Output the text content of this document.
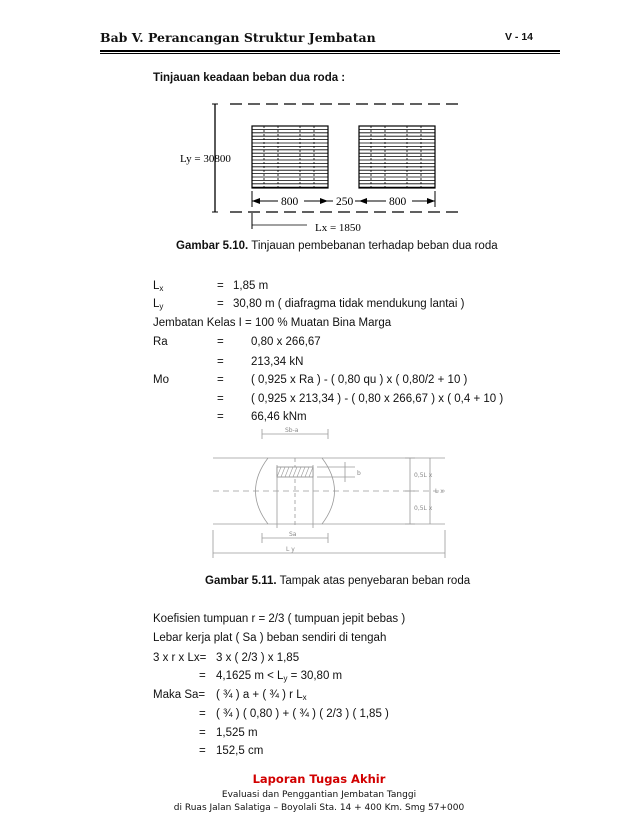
Bab V. Perancangan Struktur Jembatan	V - 14
Tinjauan keadaan beban dua roda :
Ly = 30800
800	250	800
Lx = 1850
Gambar 5.10. Tinjauan pembebanan terhadap beban dua roda
$L_x$	= 1,85 m
$L_y$	= 30,80 m ( diafragma tidak mendukung lantai )
Jembatan Kelas I = 100 % Muatan Bina Marga
Ra	= 0,80 x 266,67
= 213,34 kN
Mo	= ( 0,925 x Ra ) - ( 0,80 qu ) x ( 0,80/2 + 10 )
= ( 0,925 x 213,34 ) - ( 0,80 x 266,67 ) x ( 0,4 + 10 )
= 66,46 kNm
Sb-a
b	0,5L x
L x
0,5L x
Sa
L y
Gambar 5.11. Tampak atas penyebaran beban roda
Koefisien tumpuan r = 2/3 ( tumpuan jepit bebas )
Lebar kerja plat ( Sa ) beban sendiri di tengah
3 x r x Lx= 3 x ( 2/3 ) x 1,85
= 4,1625 $m < L_y = 30,80$ m
Maka Sa= ( ¾ ) a + ( ¾ ) r $L_x$
= ( ¾ ) ( 0,80 ) + ( ¾ ) ( 2/3 ) ( 1,85 )
= 1,525 m
= 152,5 cm
Laporan Tugas Akhir
Evaluasi dan Penggantian Jembatan Tanggi
di Ruas Jalan Salatiga – Boyolali Sta. 14 + 400 Km. Smg 57+000
